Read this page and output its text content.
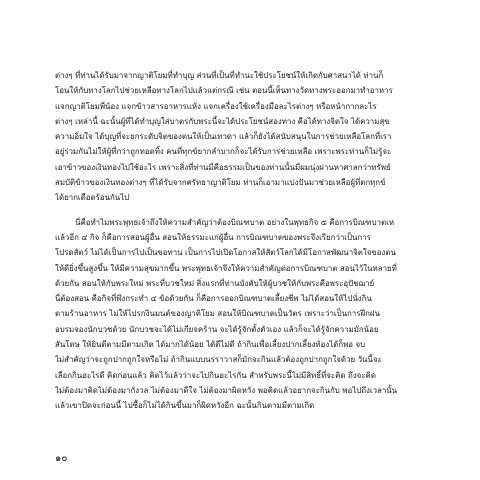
ต่างๆ ที่ท่านได้รับมาจากญาติโยมที่ทำบุญ ส่วนที่เป็นที่ทำนะใช้ประโยชน์ให้เกิดกับศาสนาได้ ท่านก็
โอนให้กับทางโลกไปช่วยเหลือทางโลกไปแล้วแต่กรณี เช่น ตอนนี้เห็นทางวัดทางพระออกมาทำอาหาร
แจกญาติโยมพี่น้อง แจกข้าวสารอาหารแห้ง แจกเครื่องใช้เครื่องมือละไรต่างๆ หรือหน้ากากละไร
ต่างๆ เหล่านี้ ฉะนั้นผู้ที่ได้ทำบุญใส่บาตรกับพระนี้จะได้ประโยชน์สองทาง คือได้ทางจิตใจ ได้ความสุข
ความอิ่มใจ ได้บุญที่จะยกระดับจิตของตนให้เป็นเทวดา แล้วก็ยังได้สนับสนุนในการช่วยเหลือโลกที่เรา
อยู่ร่วมกันไม่ให้ผู้ที่กว่าถูกทอดทิ้ง คนที่ทุกข์ยากลำบากก็จะได้รับการช่วยเหลือ เพราะพระท่านก็ไม่รู้จะ
เอาข้าวของเงินทองไปใช้อะไร เพราะสิ่งที่ท่านมีคือธรรมเป็นของท่านนั้นมีผมนุ่งผ่านหาศาลกว่าทรัพย์
สมบัติข้าวของเงินทองต่างๆ ที่ได้รับจากศรัทธาญาติโยม ท่านก็เอามาแบ่งปันมาช่วยเหลือผู้ที่ตกทุกข์
ได้ยากเดือดร้อนกันไป
นี่คือทำไมพระพุทธเจ้าถึงให้ความสำคัญว่าต้องบิณฑบาต อย่างในพุทธกิจ ๕ คือการบิณฑบาตเห
แล้วอีก ๔ กิจ ก็คือการสอนผู้อื่น สอนให้ธรรมะแก่ผู้อื่น การบิณฑบาตของพระจึงเรียกว่าเป็นการ
โปรดสัตว์ ไม่ได้เป็นการไปเป็นขอทาน เป็นการไปเปิดโอกาสให้สัตว์โลกได้มีโอกาสพัฒนาจิตใจของตน
ให้ดียิ่งขึ้นสูงขึ้น ให้มีความสุขมากขึ้น พระพุทธเจ้าจึงให้ความสำคัญต่อการบิณฑบาต สอนไว้ในหลายที่
ด้วยกัน สอนให้กับพระใหม่ พระที่บวชใหม่ สิ่งแรกที่ท่านบังคับให้ผู้บวชให้กับพระคือพระอุปัชฌาย์
นี่ต้องสอน คือกิจที่พึงกระทำ ๔ ข้อด้วยกัน ก็คือการออกบิณฑบาตเลี้ยงชีพ ไม่ได้สอนให้ไปนั่งกิน
ตามร้านอาหาร ไม่ให้ไปรกงินมนต์ของญาติโยม สอนให้บิณฑบาตเป็นวัตร เพราะว่าเป็นการฝึกฝน
อบรมจองนักบวชด้วย นักบวชจะได้ไม่เกียจคร้าน จะได้รู้จักตั้งตัวเอง แล้วก็จะได้รู้จักความมักน้อย
สันโดษ ให้ยินดีตามมีตามเกิด ได้มากได้น้อย ได้ดีไม่ดี ถ้ากินเพื่อเลี้ยงปากเลี้ยงท้องได้ก็พอ จบ
ไม่สำคัญว่าจะถูกปากถูกใจหรือไม่ ถ้ากินแบบนรราวาสก็มักจะกินแล้วต้องถูกปากถูกใจด้วย วันนี้จะ
เลือกกินอะไรดี คิดก่อนแล้ว คิดไว้แล้วว่าจะไปกินอะไรกัน สำหรับพระนี้ไม่มีสิทธิ์ที่จะคิด ถึงจะคิด
ไม่ต้องมาคิดไม่ต้องมากังวล ไม่ต้องมาดีใจ ไม่ต้องมาผิดหวัง พอคิดแล้วอยากจะกินกับ พอไปถึงเวลานั้น
แล้วเขาปิดจะก่อนนี้ ไปซื้อก็ไม่ได้กินขึ้นมาก็ผิดหวังอีก ฉะนั้นกินตามมีตามเกิด
๑๐
